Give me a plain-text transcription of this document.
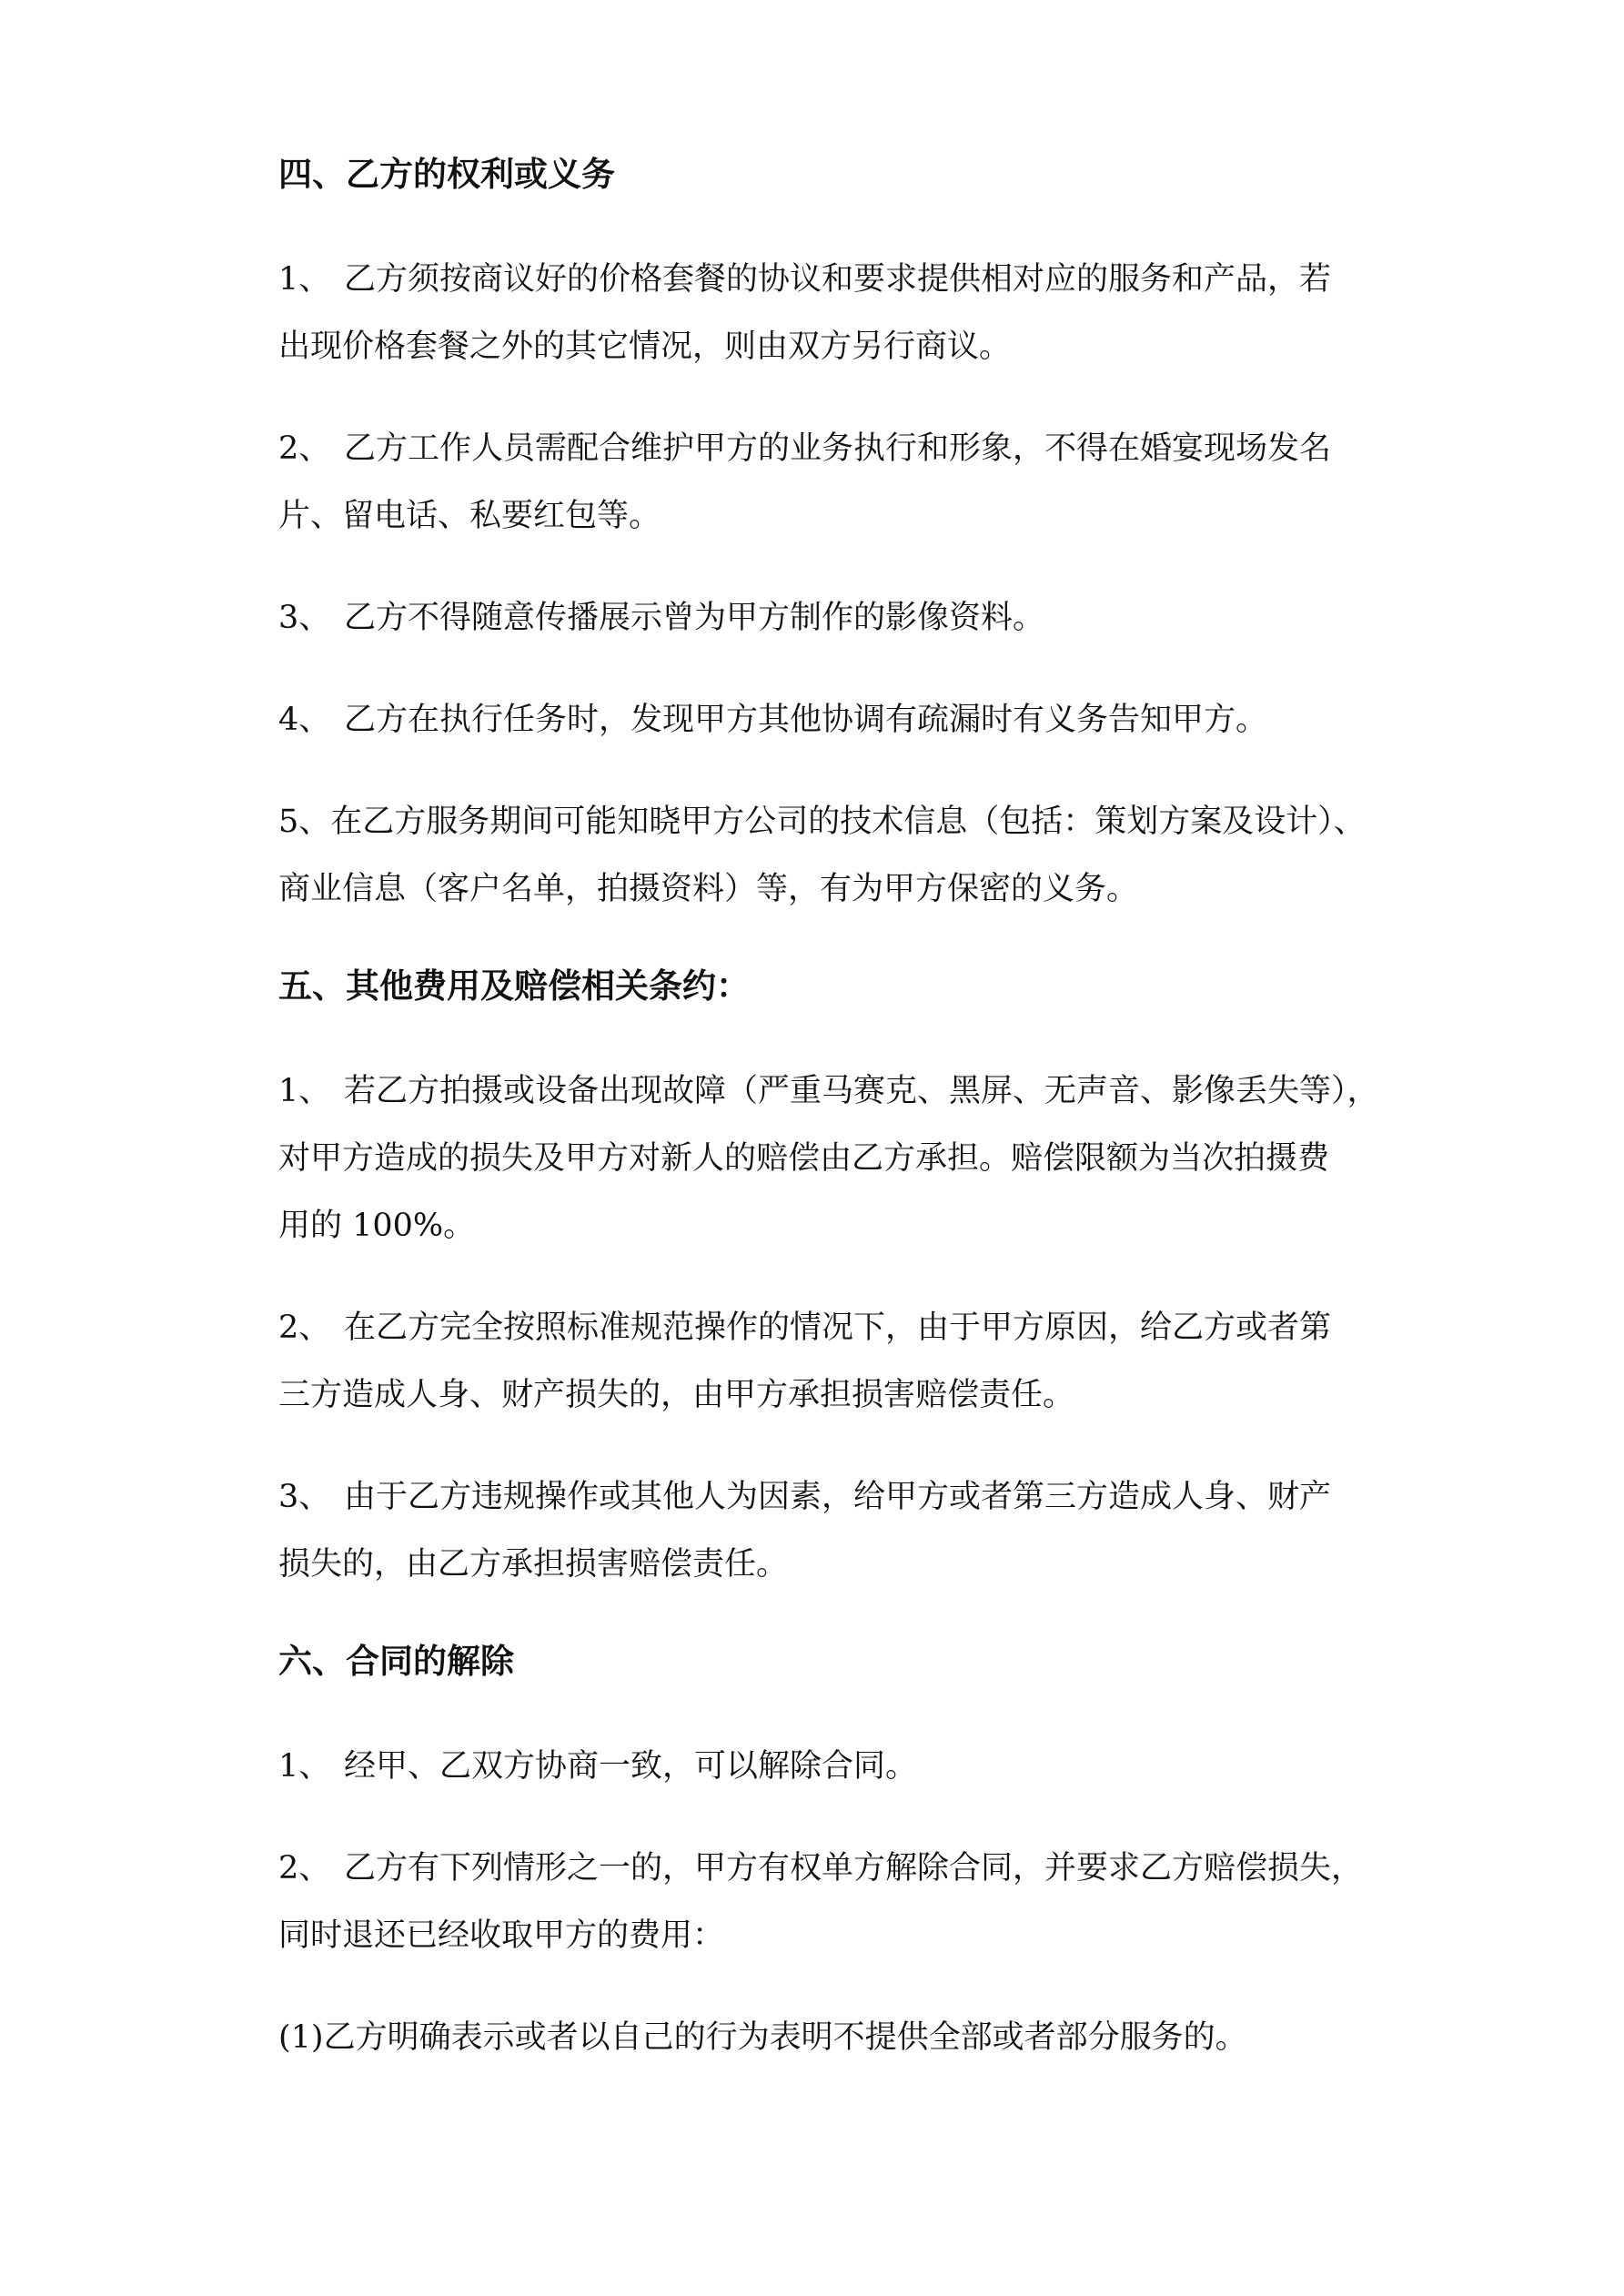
四、乙方的权利或义务
1、 乙方须按商议好的价格套餐的协议和要求提供相对应的服务和产品，若
出现价格套餐之外的其它情况，则由双方另行商议。
2、 乙方工作人员需配合维护甲方的业务执行和形象，不得在婚宴现场发名
片、留电话、私要红包等。
3、 乙方不得随意传播展示曾为甲方制作的影像资料。
4、 乙方在执行任务时，发现甲方其他协调有疏漏时有义务告知甲方。
5、在乙方服务期间可能知晓甲方公司的技术信息（包括：策划方案及设计）、
商业信息（客户名单，拍摄资料）等，有为甲方保密的义务。
五、其他费用及赔偿相关条约：
1、 若乙方拍摄或设备出现故障（严重马赛克、黑屏、无声音、影像丢失等），
对甲方造成的损失及甲方对新人的赔偿由乙方承担。赔偿限额为当次拍摄费
用的 100%。
2、 在乙方完全按照标准规范操作的情况下，由于甲方原因，给乙方或者第
三方造成人身、财产损失的，由甲方承担损害赔偿责任。
3、 由于乙方违规操作或其他人为因素，给甲方或者第三方造成人身、财产
损失的，由乙方承担损害赔偿责任。
六、合同的解除
1、 经甲、乙双方协商一致，可以解除合同。
2、 乙方有下列情形之一的，甲方有权单方解除合同，并要求乙方赔偿损失，
同时退还已经收取甲方的费用：
(1)乙方明确表示或者以自己的行为表明不提供全部或者部分服务的。
